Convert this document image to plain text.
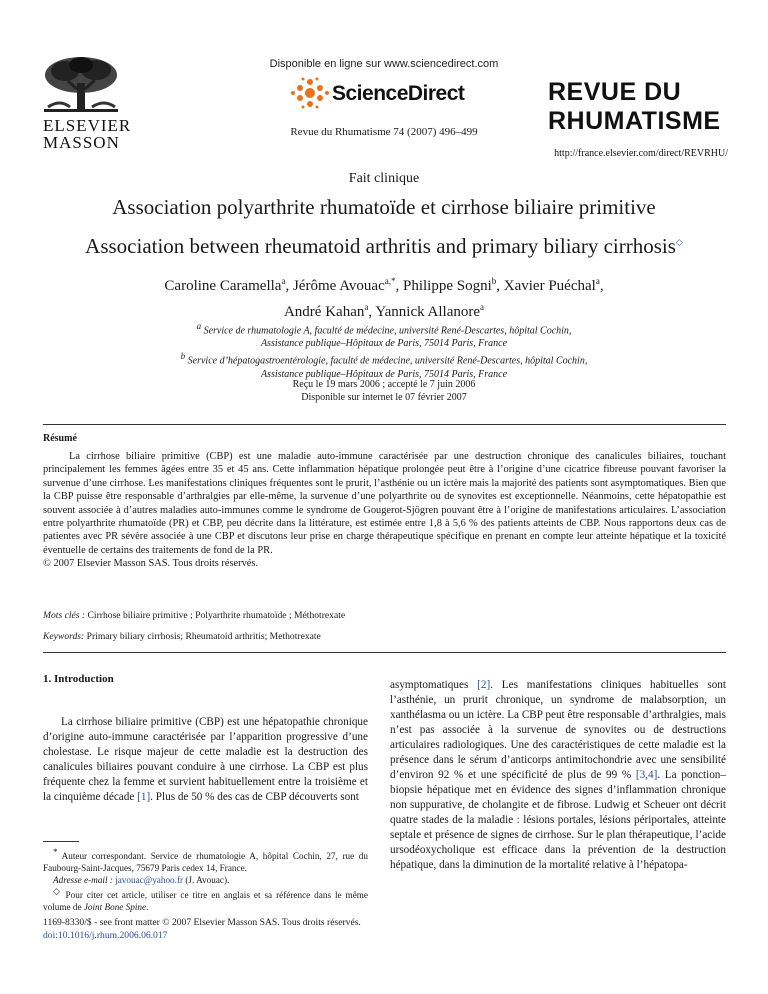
Disponible en ligne sur www.sciencedirect.com
ScienceDirect
Revue du Rhumatisme 74 (2007) 496–499
REVUE DU
RHUMATISME
http://france.elsevier.com/direct/REVRHU/
ELSEVIER
MASSON
Fait clinique
Association polyarthrite rhumatoïde et cirrhose biliaire primitive
Association between rheumatoid arthritis and primary biliary cirrhosis◇
Caroline Caramella$^a$, Jérôme Avouac$^{a,*}$, Philippe Sogni$^b$, Xavier Puéchal$^a$,
André Kahan$^a$, Yannick Allanore$^a$
$^a$ Service de rhumatologie A, faculté de médecine, université René-Descartes, hôpital Cochin,
Assistance publique–Hôpitaux de Paris, 75014 Paris, France
$^b$ Service d’hépatogastroentérologie, faculté de médecine, université René-Descartes, hôpital Cochin,
Assistance publique–Hôpitaux de Paris, 75014 Paris, France
Reçu le 19 mars 2006 ; accepté le 7 juin 2006
Disponible sur internet le 07 février 2007
Résumé

La cirrhose biliaire primitive (CBP) est une maladie auto-immune caractérisée par une destruction chronique des canalicules biliaires, touchant principalement les femmes âgées entre 35 et 45 ans. Cette inflammation hépatique prolongée peut être à l’origine d’une cicatrice fibreuse pouvant favoriser la survenue d’une cirrhose. Les manifestations cliniques fréquentes sont le prurit, l’asthénie ou un ictère mais la majorité des patients sont asymptomatiques. Bien que la CBP puisse être responsable d’arthralgies par elle-même, la survenue d’une polyarthrite ou de synovites est exceptionnelle. Néanmoins, cette hépatopathie est souvent associée à d’autres maladies auto-immunes comme le syndrome de Gougerot-Sjögren pouvant être à l’origine de manifestations articulaires. L’association entre polyarthrite rhumatoïde (PR) et CBP, peu décrite dans la littérature, est estimée entre 1,8 à 5,6 % des patients atteints de CBP. Nous rapportons deux cas de patientes avec PR sévère associée à une CBP et discutons leur prise en charge thérapeutique spécifique en prenant en compte leur atteinte hépatique et la toxicité éventuelle de certains des traitements de fond de la PR.

© 2007 Elsevier Masson SAS. Tous droits réservés.

Mots clés : Cirrhose biliaire primitive ; Polyarthrite rhumatoïde ; Méthotrexate
Keywords: Primary biliary cirrhosis; Rheumatoid arthritis; Methotrexate
1. Introduction

La cirrhose biliaire primitive (CBP) est une hépatopathie chronique d’origine auto-immune caractérisée par l’apparition progressive d’une cholestase. Le risque majeur de cette maladie est la destruction des canalicules biliaires pouvant conduire à une cirrhose. La CBP est plus fréquente chez la femme et survient habituellement entre la troisième et la cinquième décade [1]. Plus de 50 % des cas de CBP découverts sont

asymptomatiques [2]. Les manifestations cliniques habituelles sont l’asthénie, un prurit chronique, un syndrome de malabsorption, un xanthélasma ou un ictère. La CBP peut être responsable d’arthralgies, mais n’est pas associée à la survenue de synovites ou de destructions articulaires radiologiques. Une des caractéristiques de cette maladie est la présence dans le sérum d’anticorps antimitochondrie avec une sensibilité d’environ 92 % et une spécificité de plus de 99 % [3,4]. La ponction–biopsie hépatique met en évidence des signes d’inflammation chronique non suppurative, de cholangite et de fibrose. Ludwig et Scheuer ont décrit quatre stades de la maladie : lésions portales, lésions périportales, atteinte septale et présence de signes de cirrhose. Sur le plan thérapeutique, l’acide ursodéoxycholique est efficace dans la prévention de la destruction hépatique, dans la diminution de la mortalité relative à l’hépatopa-

* Auteur correspondant. Service de rhumatologie A, hôpital Cochin, 27, rue du Faubourg-Saint-Jacques, 75679 Paris cedex 14, France.

Adresse e-mail : javouac@yahoo.fr (J. Avouac).

◇ Pour citer cet article, utiliser ce titre en anglais et sa référence dans le même volume de Joint Bone Spine.

1169-8330/$ - see front matter © 2007 Elsevier Masson SAS. Tous droits réservés.
doi:10.1016/j.rhum.2006.06.017
